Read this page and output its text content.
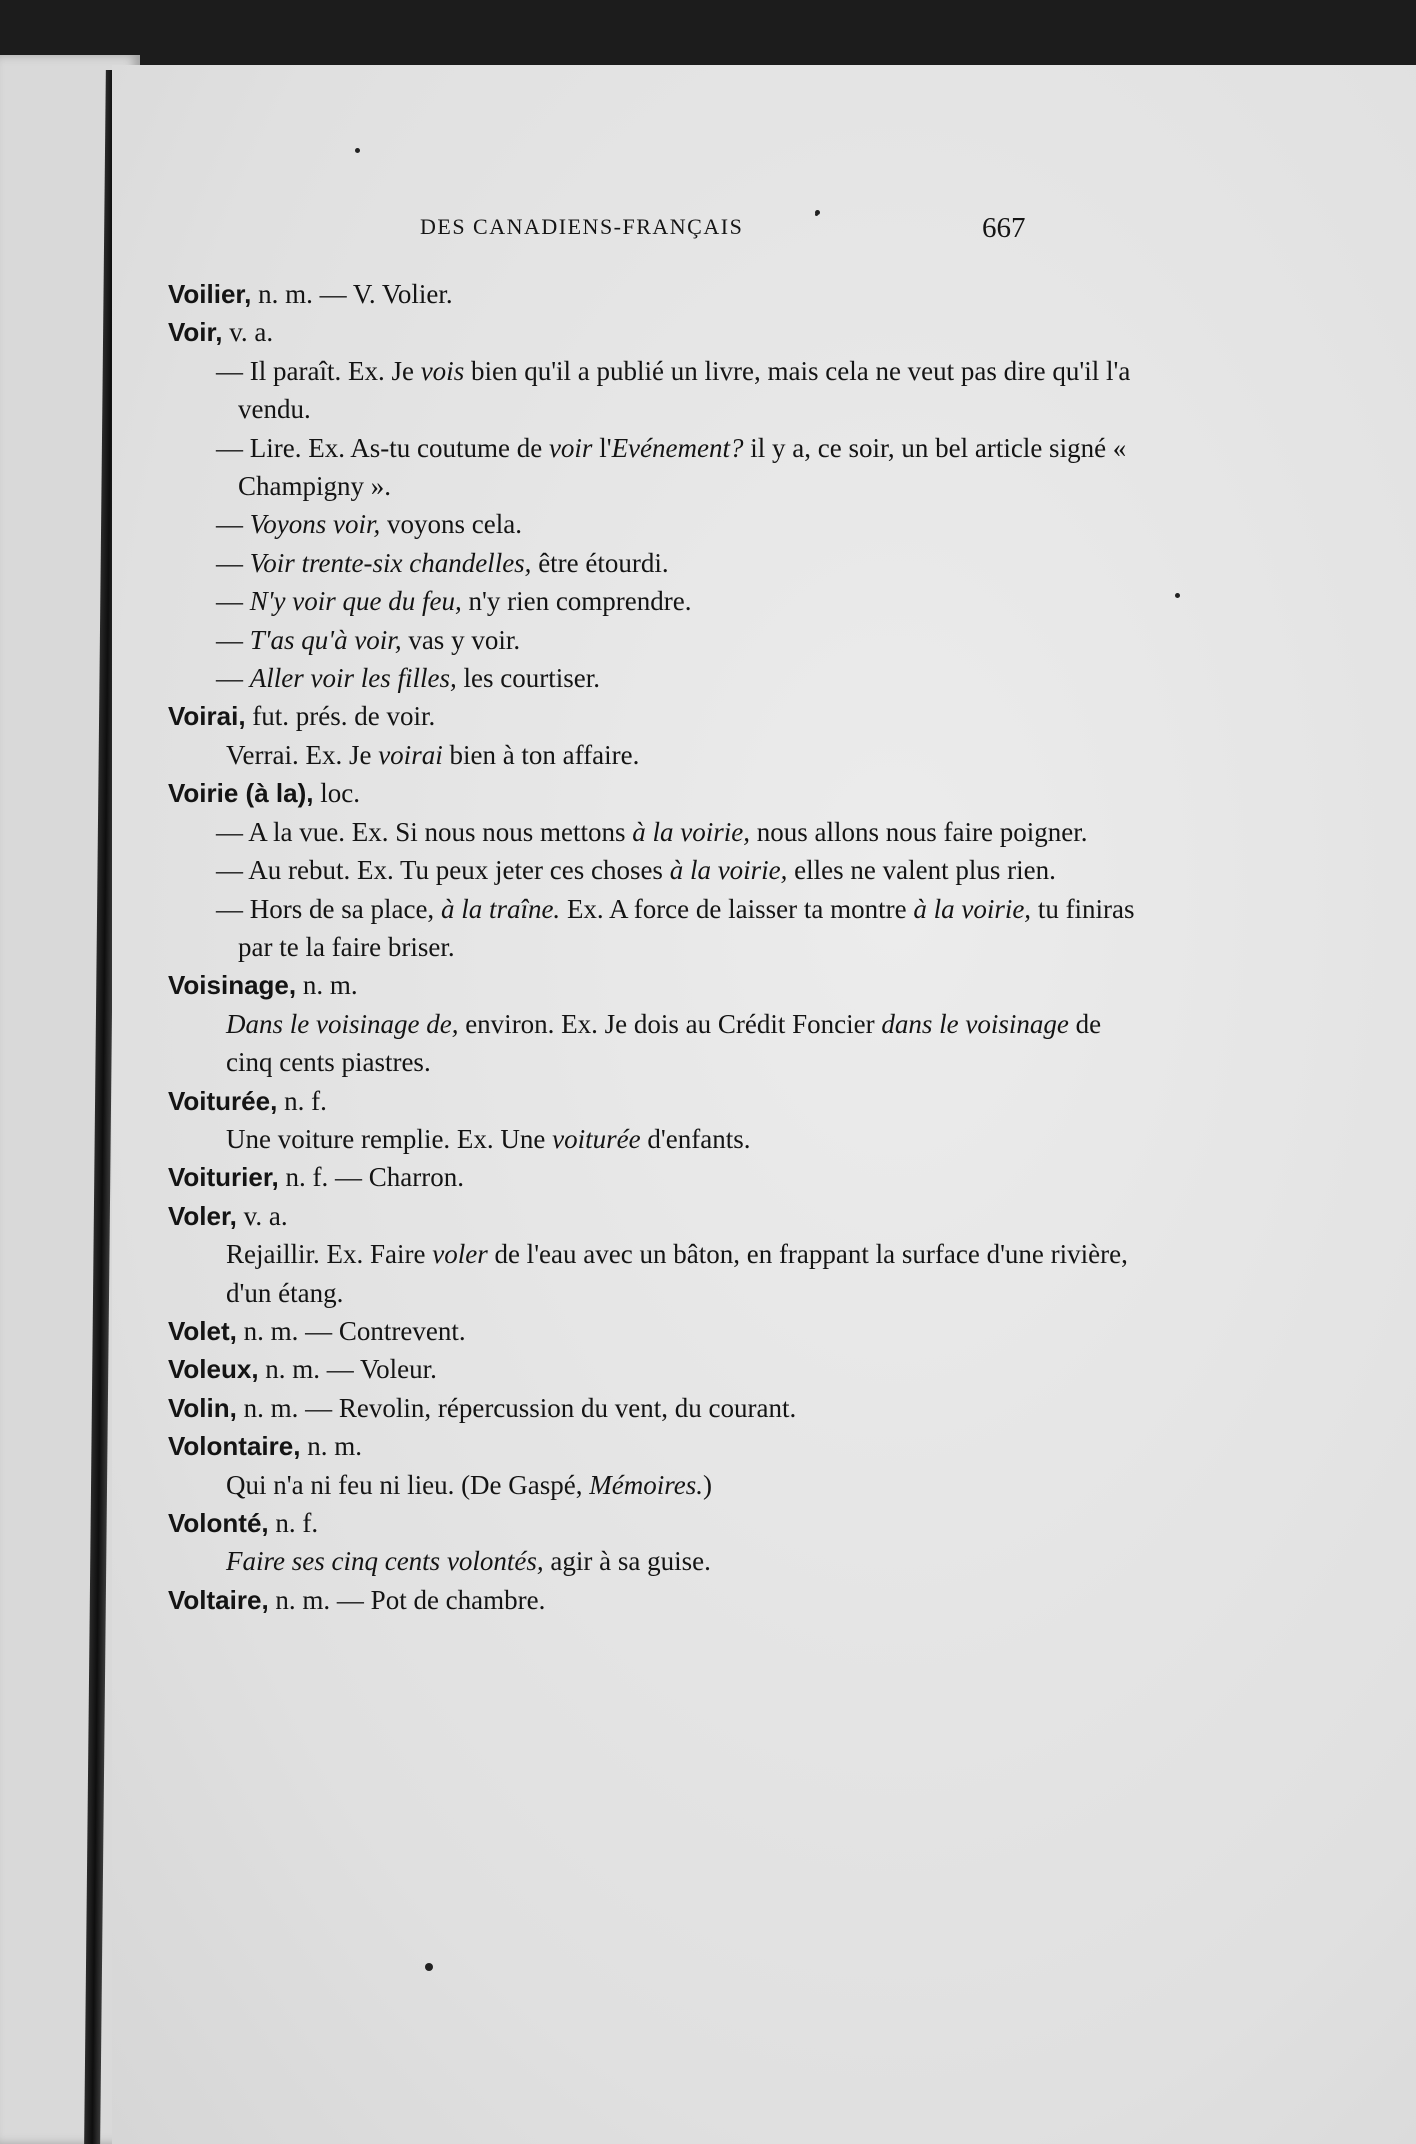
DES CANADIENS-FRANÇAIS	667

Voilier, n. m. — V. Volier.

Voir, v. a.

— Il paraît. Ex. Je vois bien qu'il a publié un livre, mais cela ne veut pas dire qu'il l'a vendu.

— Lire. Ex. As-tu coutume de voir l'Evénement? il y a, ce soir, un bel article signé « Champigny ».

— Voyons voir, voyons cela.

— Voir trente-six chandelles, être étourdi.

— N'y voir que du feu, n'y rien comprendre.

— T'as qu'à voir, vas y voir.

— Aller voir les filles, les courtiser.

Voirai, fut. prés. de voir.

Verrai. Ex. Je voirai bien à ton affaire.

Voirie (à la), loc.

— A la vue. Ex. Si nous nous mettons à la voirie, nous allons nous faire poigner.

— Au rebut. Ex. Tu peux jeter ces choses à la voirie, elles ne valent plus rien.

— Hors de sa place, à la traîne. Ex. A force de laisser ta montre à la voirie, tu finiras par te la faire briser.

Voisinage, n. m.

Dans le voisinage de, environ. Ex. Je dois au Crédit Foncier dans le voisinage de cinq cents piastres.

Voiturée, n. f.

Une voiture remplie. Ex. Une voiturée d'enfants.

Voiturier, n. f. — Charron.

Voler, v. a.

Rejaillir. Ex. Faire voler de l'eau avec un bâton, en frappant la surface d'une rivière, d'un étang.

Volet, n. m. — Contrevent.

Voleux, n. m. — Voleur.

Volin, n. m. — Revolin, répercussion du vent, du courant.

Volontaire, n. m.

Qui n'a ni feu ni lieu. (De Gaspé, Mémoires.)

Volonté, n. f.

Faire ses cinq cents volontés, agir à sa guise.

Voltaire, n. m. — Pot de chambre.
